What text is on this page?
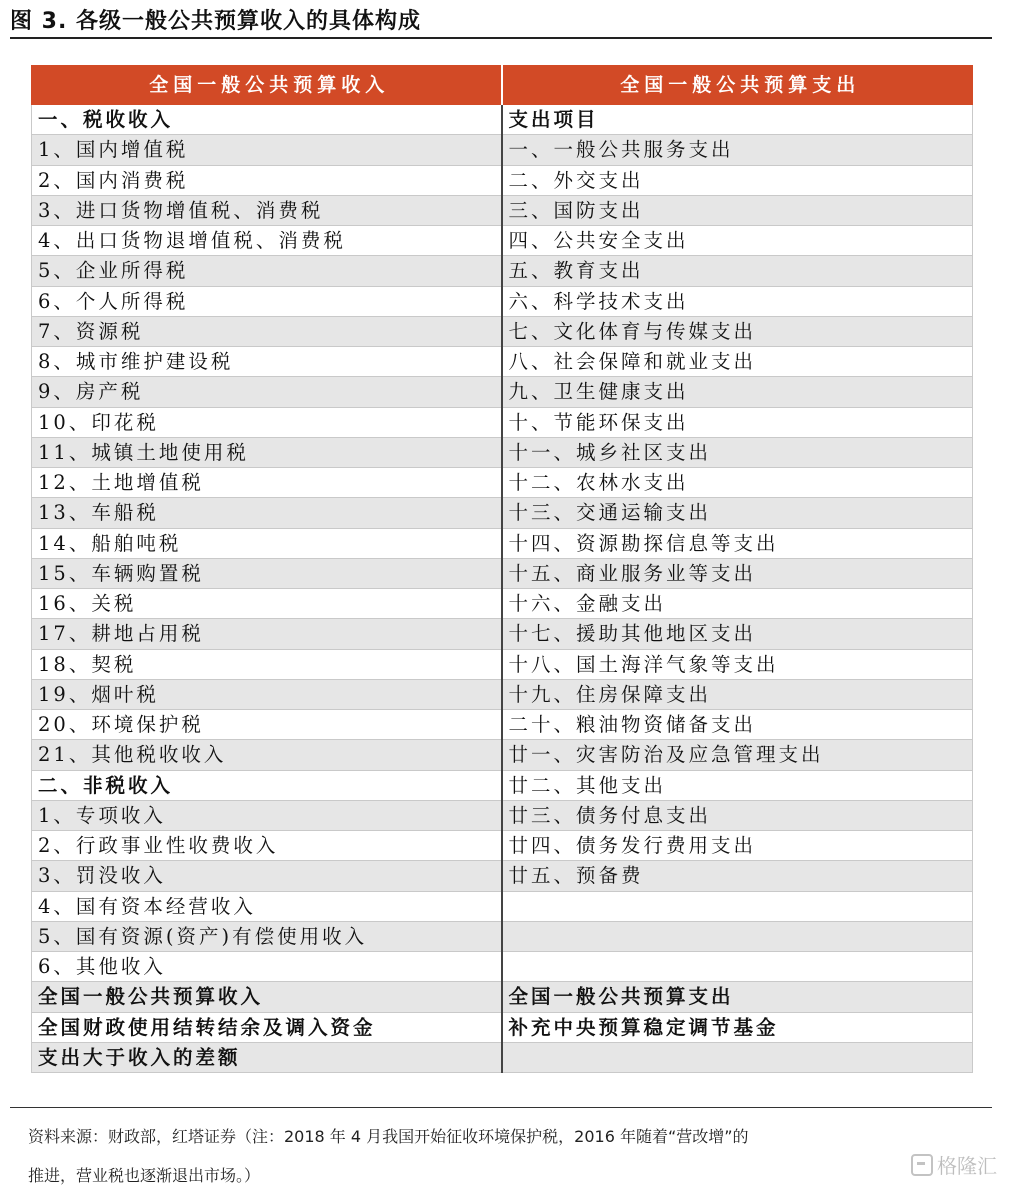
图 3. 各级一般公共预算收入的具体构成
全国一般公共预算收入	全国一般公共预算支出
一、税收收入	支出项目
1、国内增值税	一、一般公共服务支出
2、国内消费税	二、外交支出
3、进口货物增值税、消费税	三、国防支出
4、出口货物退增值税、消费税	四、公共安全支出
5、企业所得税	五、教育支出
6、个人所得税	六、科学技术支出
7、资源税	七、文化体育与传媒支出
8、城市维护建设税	八、社会保障和就业支出
9、房产税	九、卫生健康支出
10、印花税	十、节能环保支出
11、城镇土地使用税	十一、城乡社区支出
12、土地增值税	十二、农林水支出
13、车船税	十三、交通运输支出
14、船舶吨税	十四、资源勘探信息等支出
15、车辆购置税	十五、商业服务业等支出
16、关税	十六、金融支出
17、耕地占用税	十七、援助其他地区支出
18、契税	十八、国土海洋气象等支出
19、烟叶税	十九、住房保障支出
20、环境保护税	二十、粮油物资储备支出
21、其他税收收入	廿一、灾害防治及应急管理支出
二、非税收入	廿二、其他支出
1、专项收入	廿三、债务付息支出
2、行政事业性收费收入	廿四、债务发行费用支出
3、罚没收入	廿五、预备费
4、国有资本经营收入	
5、国有资源(资产)有偿使用收入	
6、其他收入	
全国一般公共预算收入	全国一般公共预算支出
全国财政使用结转结余及调入资金	补充中央预算稳定调节基金
支出大于收入的差额	
资料来源：财政部，红塔证券（注：2018 年 4 月我国开始征收环境保护税，2016 年随着“营改增”的
推进，营业税也逐渐退出市场。）	格隆汇
